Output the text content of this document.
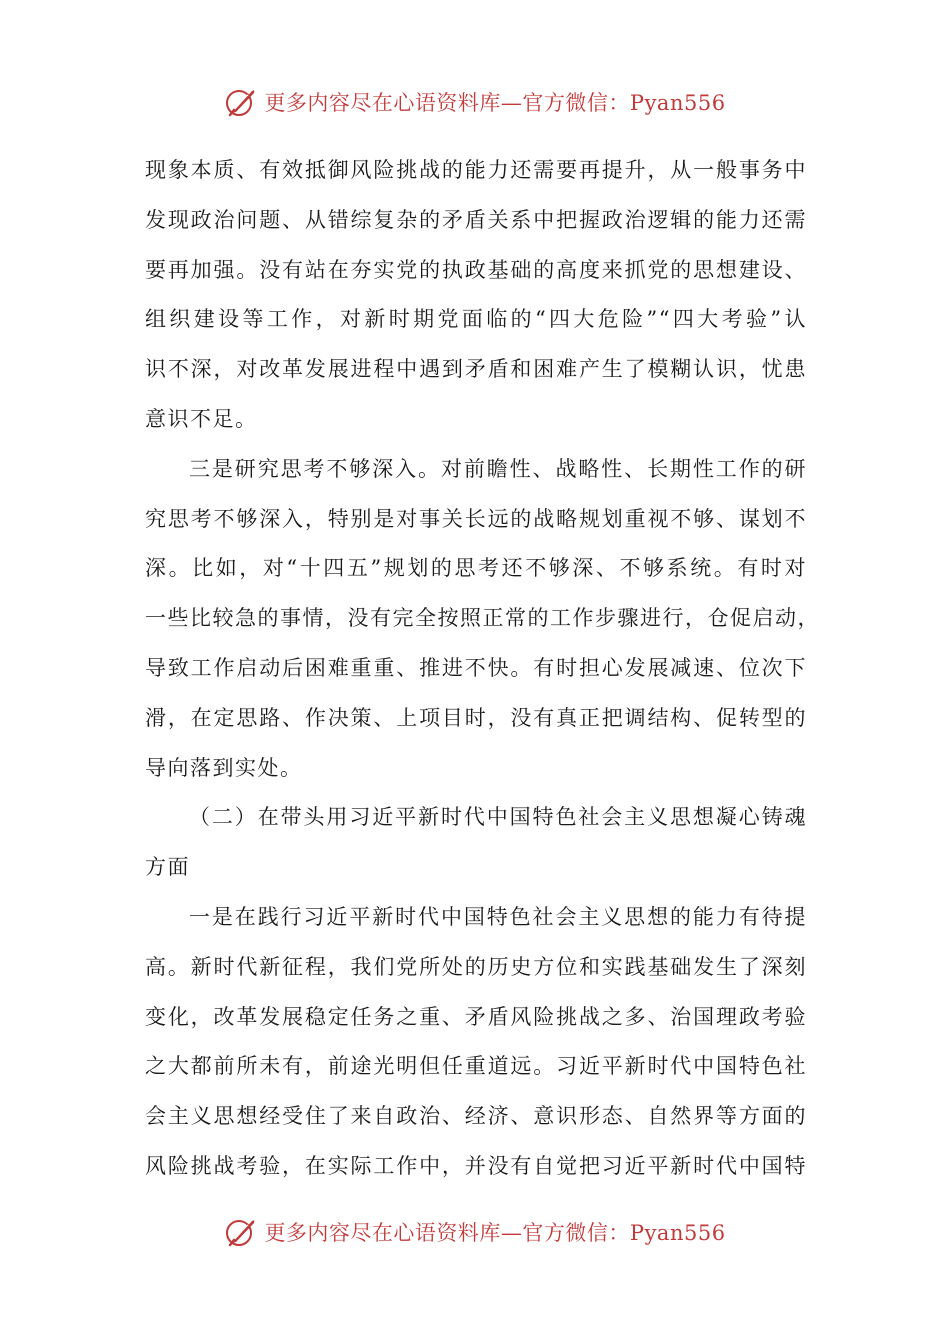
更多内容尽在心语资料库—官方微信：Pyan556
现象本质、有效抵御风险挑战的能力还需要再提升，从一般事务中
发现政治问题、从错综复杂的矛盾关系中把握政治逻辑的能力还需
要再加强。没有站在夯实党的执政基础的高度来抓党的思想建设、
组织建设等工作，对新时期党面临的“四大危险”“四大考验”认
识不深，对改革发展进程中遇到矛盾和困难产生了模糊认识，忧患
意识不足。
三是研究思考不够深入。对前瞻性、战略性、长期性工作的研
究思考不够深入，特别是对事关长远的战略规划重视不够、谋划不
深。比如，对“十四五”规划的思考还不够深、不够系统。有时对
一些比较急的事情，没有完全按照正常的工作步骤进行，仓促启动，
导致工作启动后困难重重、推进不快。有时担心发展减速、位次下
滑，在定思路、作决策、上项目时，没有真正把调结构、促转型的
导向落到实处。
（二）在带头用习近平新时代中国特色社会主义思想凝心铸魂
方面
一是在践行习近平新时代中国特色社会主义思想的能力有待提
高。新时代新征程，我们党所处的历史方位和实践基础发生了深刻
变化，改革发展稳定任务之重、矛盾风险挑战之多、治国理政考验
之大都前所未有，前途光明但任重道远。习近平新时代中国特色社
会主义思想经受住了来自政治、经济、意识形态、自然界等方面的
风险挑战考验，在实际工作中，并没有自觉把习近平新时代中国特
更多内容尽在心语资料库—官方微信：Pyan556
